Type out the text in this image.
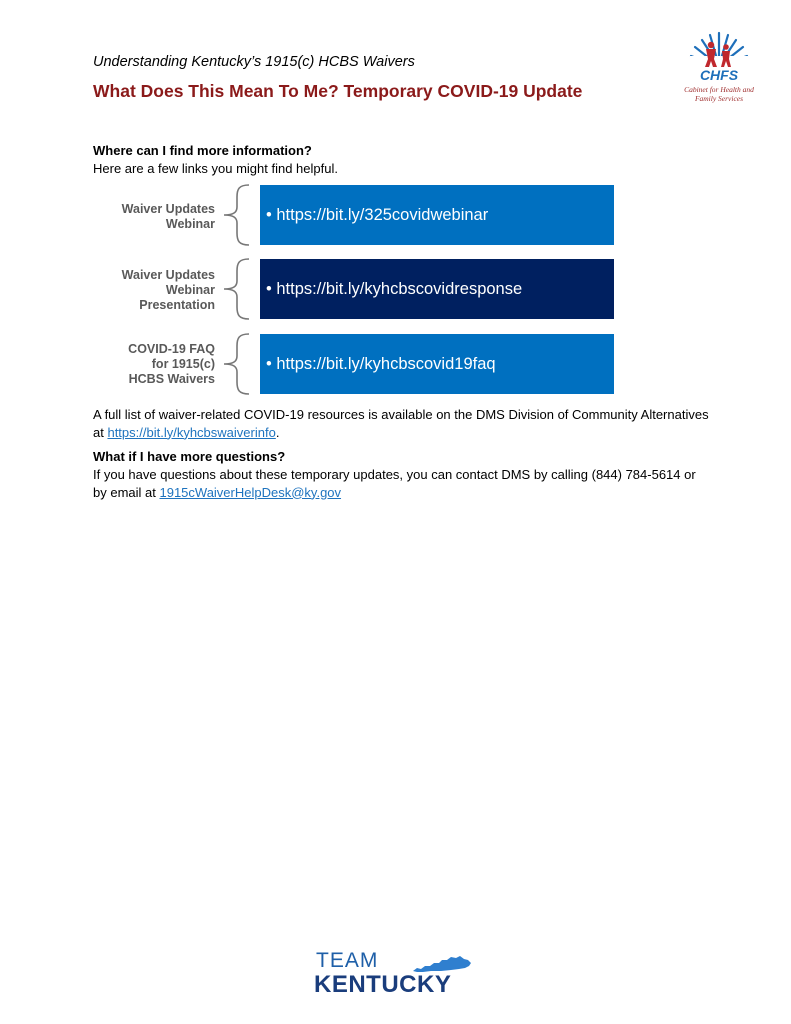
Understanding Kentucky’s 1915(c) HCBS Waivers
What Does This Mean To Me? Temporary COVID-19 Update
CHFS
Cabinet for Health and
Family Services
Where can I find more information?
Here are a few links you might find helpful.
Waiver Updates
Webinar
• https://bit.ly/325covidwebinar
Waiver Updates
Webinar
Presentation
• https://bit.ly/kyhcbscovidresponse
COVID-19 FAQ
for 1915(c)
HCBS Waivers
• https://bit.ly/kyhcbscovid19faq
A full list of waiver-related COVID-19 resources is available on the DMS Division of Community Alternatives at https://bit.ly/kyhcbswaiverinfo.
What if I have more questions?
If you have questions about these temporary updates, you can contact DMS by calling (844) 784-5614 or by email at 1915cWaiverHelpDesk@ky.gov
TEAM
KENTUCKY
